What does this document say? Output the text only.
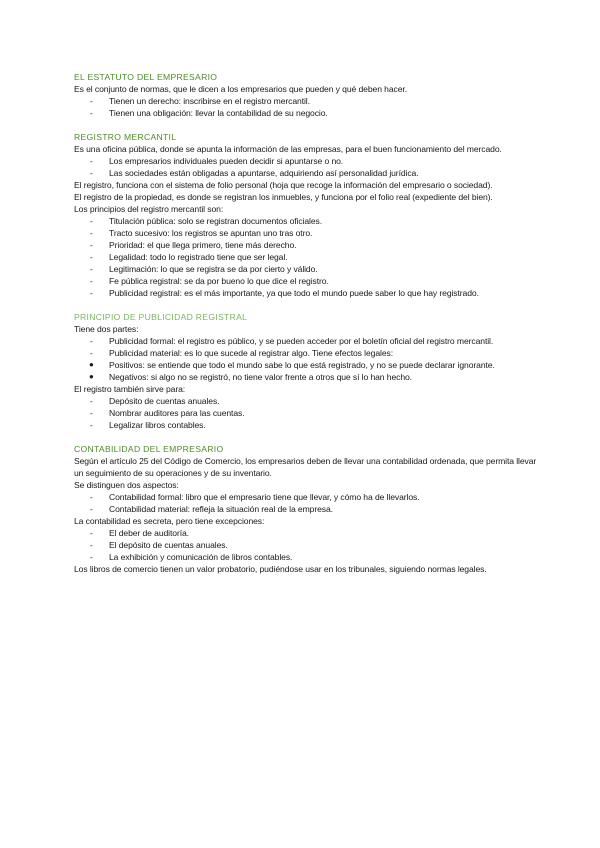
EL ESTATUTO DEL EMPRESARIO
Es el conjunto de normas, que le dicen a los empresarios que pueden y qué deben hacer.
- Tienen un derecho: inscribirse en el registro mercantil.
- Tienen una obligación: llevar la contabilidad de su negocio.
REGISTRO MERCANTIL
Es una oficina pública, donde se apunta la información de las empresas, para el buen funcionamiento del mercado.
- Los empresarios individuales pueden decidir si apuntarse o no.
- Las sociedades están obligadas a apuntarse, adquiriendo así personalidad jurídica.
El registro, funciona con el sistema de folio personal (hoja que recoge la información del empresario o sociedad).
El registro de la propiedad, es donde se registran los inmuebles, y funciona por el folio real (expediente del bien).
Los principios del registro mercantil son:
- Titulación pública: solo se registran documentos oficiales.
- Tracto sucesivo: los registros se apuntan uno tras otro.
- Prioridad: el que llega primero, tiene más derecho.
- Legalidad: todo lo registrado tiene que ser legal.
- Legitimación: lo que se registra se da por cierto y válido.
- Fe pública registral: se da por bueno lo que dice el registro.
- Publicidad registral: es el más importante, ya que todo el mundo puede saber lo que hay registrado.
PRINCIPIO DE PUBLICIDAD REGISTRAL
Tiene dos partes:
- Publicidad formal: el registro es público, y se pueden acceder por el boletín oficial del registro mercantil.
- Publicidad material: es lo que sucede al registrar algo. Tiene efectos legales:
● Positivos: se entiende que todo el mundo sabe lo que está registrado, y no se puede declarar ignorante.
● Negativos: si algo no se registró, no tiene valor frente a otros que sí lo han hecho.
El registro también sirve para:
- Depósito de cuentas anuales.
- Nombrar auditores para las cuentas.
- Legalizar libros contables.
CONTABILIDAD DEL EMPRESARIO
Según el artículo 25 del Código de Comercio, los empresarios deben de llevar una contabilidad ordenada, que permita llevar un seguimiento de su operaciones y de su inventario.
Se distinguen dos aspectos:
- Contabilidad formal: libro que el empresario tiene que llevar, y cómo ha de llevarlos.
- Contabilidad material: refleja la situación real de la empresa.
La contabilidad es secreta, pero tiene excepciones:
- El deber de auditoría.
- El depósito de cuentas anuales.
- La exhibición y comunicación de libros contables.
Los libros de comercio tienen un valor probatorio, pudiéndose usar en los tribunales, siguiendo normas legales.
